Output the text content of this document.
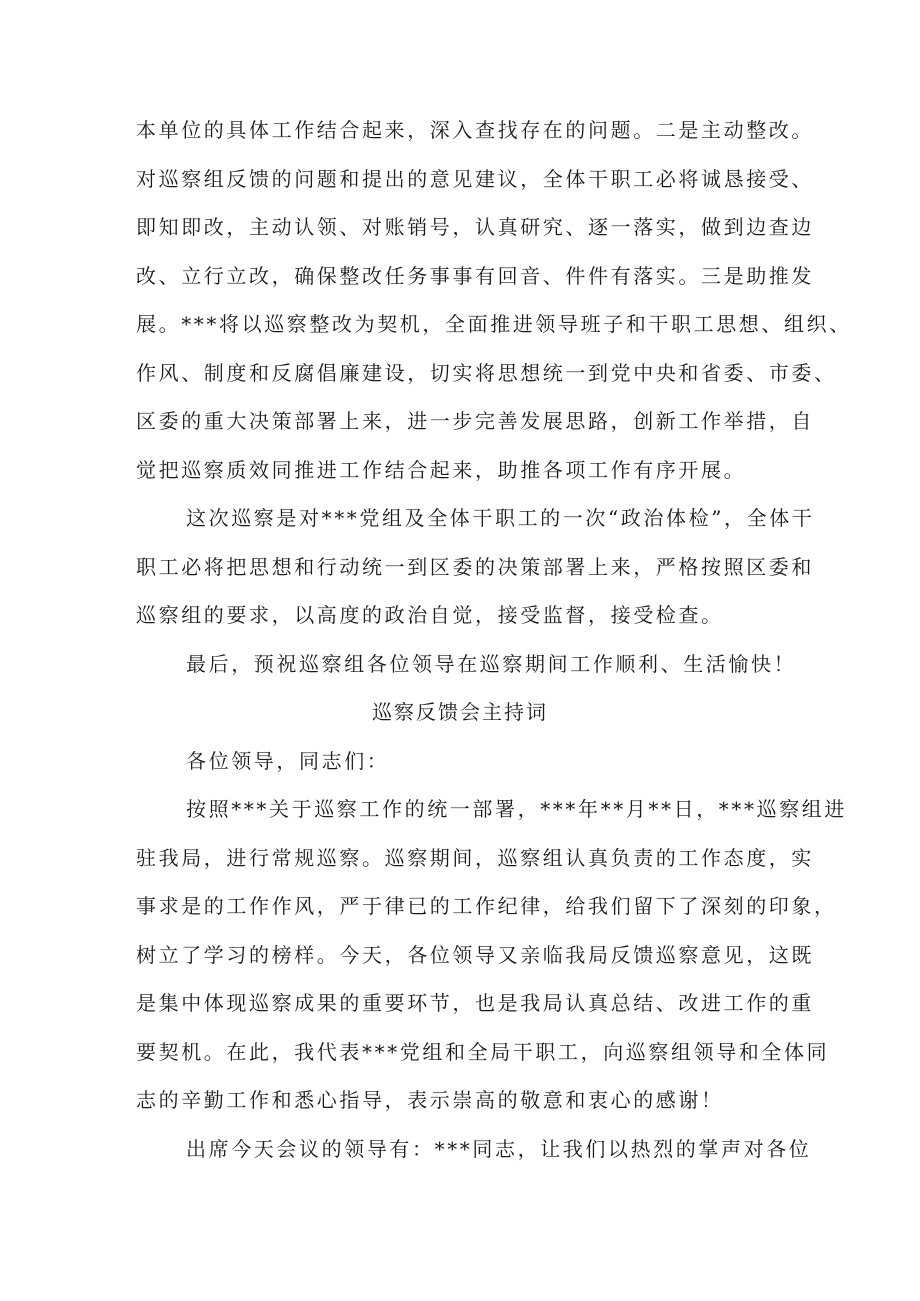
本单位的具体工作结合起来，深入查找存在的问题。二是主动整改。
对巡察组反馈的问题和提出的意见建议，全体干职工必将诚恳接受、
即知即改，主动认领、对账销号，认真研究、逐一落实，做到边查边
改、立行立改，确保整改任务事事有回音、件件有落实。三是助推发
展。***将以巡察整改为契机，全面推进领导班子和干职工思想、组织、
作风、制度和反腐倡廉建设，切实将思想统一到党中央和省委、市委、
区委的重大决策部署上来，进一步完善发展思路，创新工作举措，自
觉把巡察质效同推进工作结合起来，助推各项工作有序开展。
这次巡察是对***党组及全体干职工的一次“政治体检”，全体干
职工必将把思想和行动统一到区委的决策部署上来，严格按照区委和
巡察组的要求，以高度的政治自觉，接受监督，接受检查。
最后，预祝巡察组各位领导在巡察期间工作顺利、生活愉快！
巡察反馈会主持词
各位领导，同志们：
按照***关于巡察工作的统一部署，***年**月**日，***巡察组进
驻我局，进行常规巡察。巡察期间，巡察组认真负责的工作态度，实
事求是的工作作风，严于律已的工作纪律，给我们留下了深刻的印象，
树立了学习的榜样。今天，各位领导又亲临我局反馈巡察意见，这既
是集中体现巡察成果的重要环节，也是我局认真总结、改进工作的重
要契机。在此，我代表***党组和全局干职工，向巡察组领导和全体同
志的辛勤工作和悉心指导，表示崇高的敬意和衷心的感谢！
出席今天会议的领导有：***同志，让我们以热烈的掌声对各位
